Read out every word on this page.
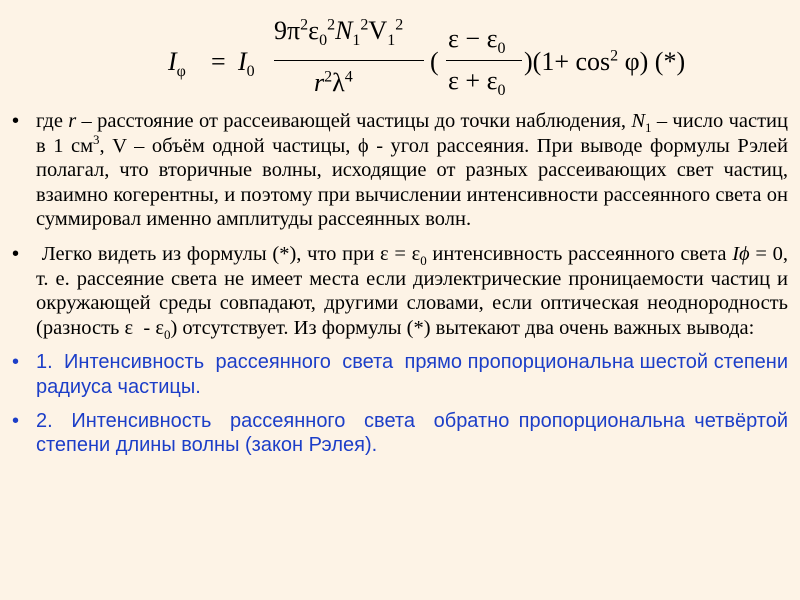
$I_\varphi = I_0$
$9\pi^2\varepsilon_0^2N_1^2V_1^2$
$r^2\lambda^4$
(
$\varepsilon - \varepsilon_0$
$\varepsilon + \varepsilon_0$
)$(1+ \cos^2 \varphi)$ (*)
• где r – расстояние от рассеивающей частицы до точки наблюдения, $N_1$ – число частиц в 1 $см^3$, V – объём одной частицы, ϕ - угол рассеяния. При выводе формулы Рэлей полагал, что вторичные волны, исходящие от разных рассеивающих свет частиц, взаимно когерентны, и поэтому при вычислении интенсивности рассеянного света он суммировал именно амплитуды рассеянных волн.
• Легко видеть из формулы (*), что при $\varepsilon = \varepsilon_0$ интенсивность рассеянного света Iϕ = 0, т. е. рассеяние света не имеет места если диэлектрические проницаемости частиц и окружающей среды совпадают, другими словами, если оптическая неоднородность (разность ε  - $\varepsilon_0$) отсутствует. Из формулы (*) вытекают два очень важных вывода:
• 1.  Интенсивность  рассеянного  света  прямо пропорциональна шестой степени радиуса частицы.
• 2.  Интенсивность  рассеянного  света  обратно пропорциональна четвёртой степени длины волны (закон Рэлея).
